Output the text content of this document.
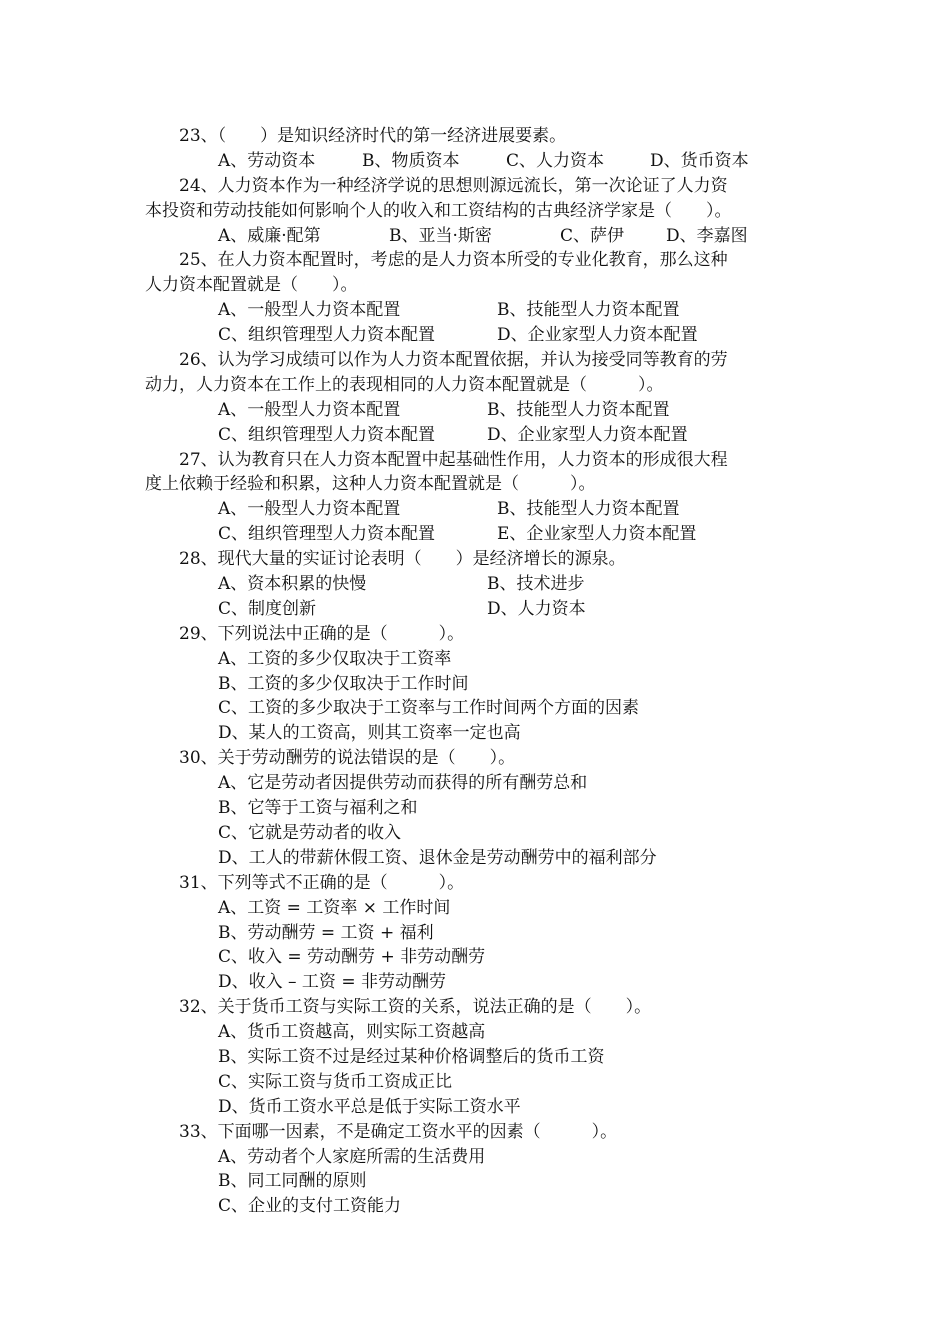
23、（　　）是知识经济时代的第一经济进展要素。
A、劳动资本	B、物质资本	C、人力资本	D、货币资本
24、人力资本作为一种经济学说的思想则源远流长，第一次论证了人力资
本投资和劳动技能如何影响个人的收入和工资结构的古典经济学家是（　　）。
A、威廉·配第	B、亚当·斯密	C、萨伊 D、李嘉图
25、在人力资本配置时，考虑的是人力资本所受的专业化教育，那么这种
人力资本配置就是（　　）。
A、一般型人力资本配置	B、技能型人力资本配置
C、组织管理型人力资本配置	D、企业家型人力资本配置
26、认为学习成绩可以作为人力资本配置依据，并认为接受同等教育的劳
动力，人力资本在工作上的表现相同的人力资本配置就是（　　　）。
A、一般型人力资本配置	B、技能型人力资本配置
C、组织管理型人力资本配置	D、企业家型人力资本配置
27、认为教育只在人力资本配置中起基础性作用，人力资本的形成很大程
度上依赖于经验和积累，这种人力资本配置就是（　　　）。
A、一般型人力资本配置	B、技能型人力资本配置
C、组织管理型人力资本配置	E、企业家型人力资本配置
28、现代大量的实证讨论表明（　　）是经济增长的源泉。
A、资本积累的快慢	B、技术进步
C、制度创新	D、人力资本
29、下列说法中正确的是（　　　）。
A、工资的多少仅取决于工资率
B、工资的多少仅取决于工作时间
C、工资的多少取决于工资率与工作时间两个方面的因素
D、某人的工资高，则其工资率一定也高
30、关于劳动酬劳的说法错误的是（　　）。
A、它是劳动者因提供劳动而获得的所有酬劳总和
B、它等于工资与福利之和
C、它就是劳动者的收入
D、工人的带薪休假工资、退休金是劳动酬劳中的福利部分
31、下列等式不正确的是（　　　）。
A、工资 = 工资率 × 工作时间
B、劳动酬劳 = 工资 + 福利
C、收入 = 劳动酬劳 + 非劳动酬劳
D、收入 – 工资 = 非劳动酬劳
32、关于货币工资与实际工资的关系，说法正确的是（　　）。
A、货币工资越高，则实际工资越高
B、实际工资不过是经过某种价格调整后的货币工资
C、实际工资与货币工资成正比
D、货币工资水平总是低于实际工资水平
33、下面哪一因素，不是确定工资水平的因素（　　　）。
A、劳动者个人家庭所需的生活费用
B、同工同酬的原则
C、企业的支付工资能力
